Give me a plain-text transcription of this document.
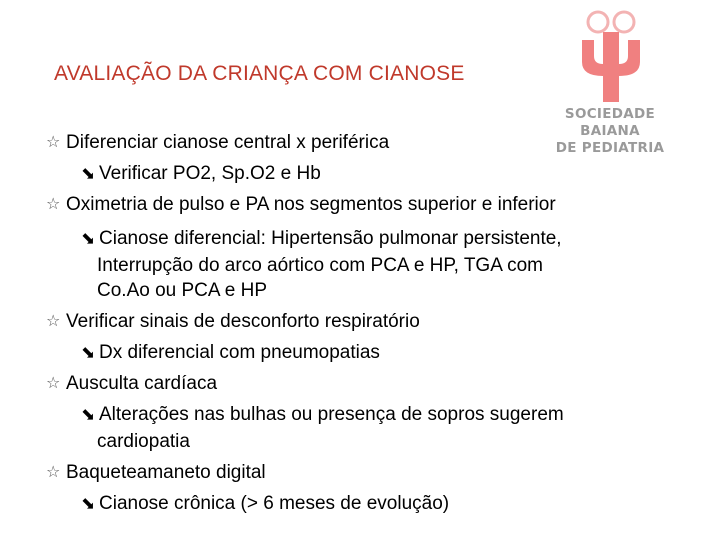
AVALIAÇÃO DA CRIANÇA COM CIANOSE
SOCIEDADE
BAIANA
DE PEDIATRIA
☆ Diferenciar cianose central x periférica
⬊ Verificar PO2, Sp.O2 e Hb
☆ Oximetria de pulso e PA nos segmentos superior e inferior
⬊ Cianose diferencial: Hipertensão pulmonar persistente,
Interrupção do arco aórtico com PCA e HP, TGA com
Co.Ao ou PCA e HP
☆ Verificar sinais de desconforto respiratório
⬊ Dx diferencial com pneumopatias
☆ Ausculta cardíaca
⬊ Alterações nas bulhas ou presença de sopros sugerem
cardiopatia
☆ Baqueteamaneto digital
⬊ Cianose crônica (> 6 meses de evolução)
